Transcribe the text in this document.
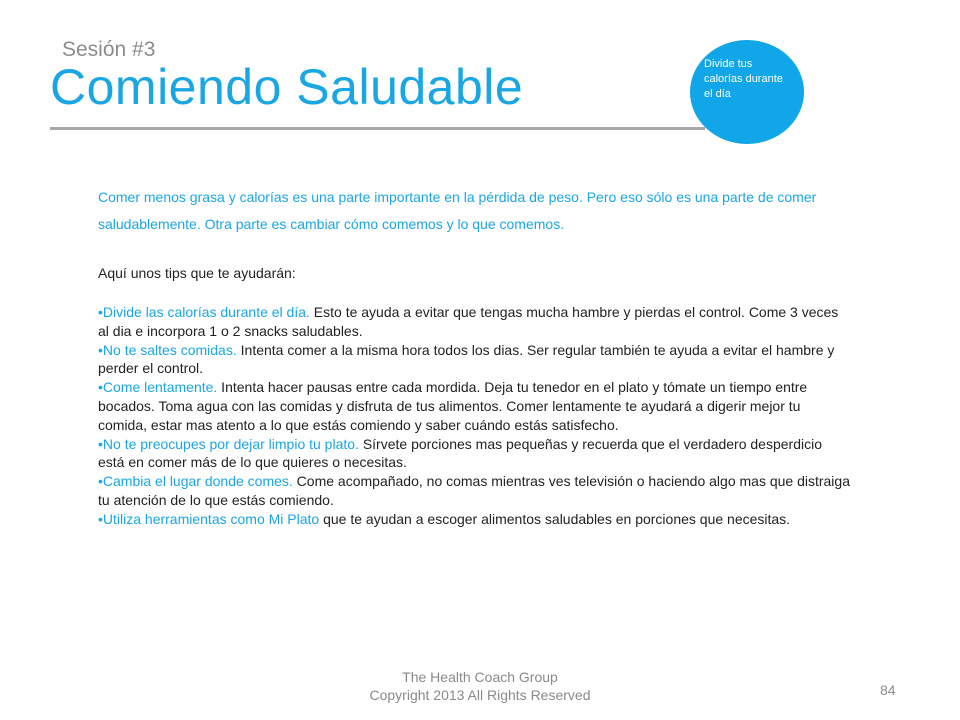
Sesión #3
Comiendo Saludable	Divide tus calorías durante el día
Comer menos grasa y calorías es una parte importante en la pérdida de peso. Pero eso sólo es una parte de comer saludablemente. Otra parte es cambiar cómo comemos y lo que comemos.
Aquí unos tips que te ayudarán:
•Divide las calorías durante el día. Esto te ayuda a evitar que tengas mucha hambre y pierdas el control. Come 3 veces al dia e incorpora 1 o 2 snacks saludables.
•No te saltes comidas. Intenta comer a la misma hora todos los dias. Ser regular también te ayuda a evitar el hambre y perder el control.
•Come lentamente. Intenta hacer pausas entre cada mordida. Deja tu tenedor en el plato y tómate un tiempo entre bocados. Toma agua con las comidas y disfruta de tus alimentos. Comer lentamente te ayudará a digerir mejor tu comida, estar mas atento a lo que estás comiendo y saber cuándo estás satisfecho.
•No te preocupes por dejar limpio tu plato. Sírvete porciones mas pequeñas y recuerda que el verdadero desperdicio está en comer más de lo que quieres o necesitas.
•Cambia el lugar donde comes. Come acompañado, no comas mientras ves televisión o haciendo algo mas que distraiga tu atención de lo que estás comiendo.
•Utiliza herramientas como Mi Plato que te ayudan a escoger alimentos saludables en porciones que necesitas.
The Health Coach Group
Copyright 2013 All Rights Reserved	84
